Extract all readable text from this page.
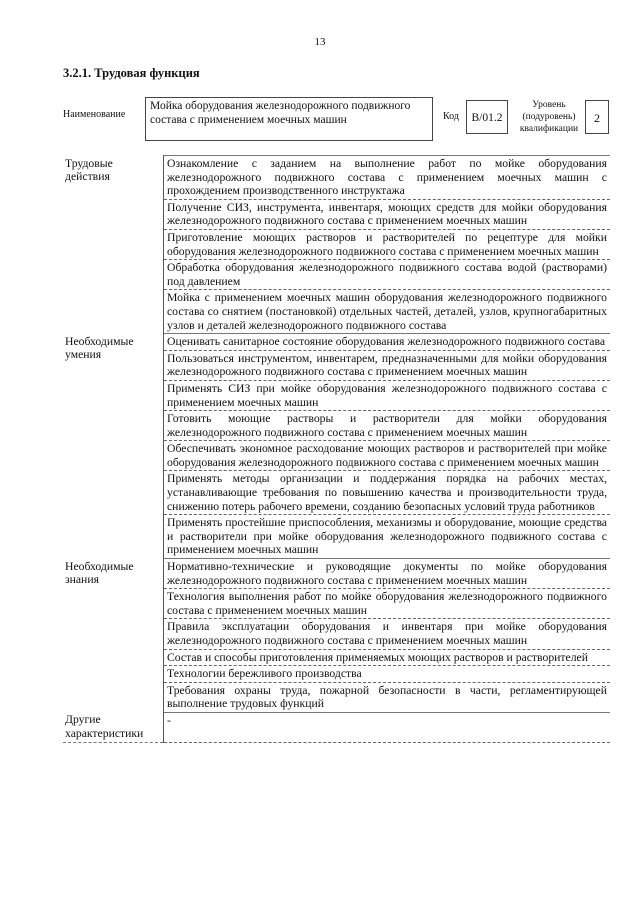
13
3.2.1. Трудовая функция
Наименование
Мойка оборудования железнодорожного подвижного состава с применением моечных машин	Код	B/01.2
Уровень (подуровень) квалификации
2
Трудовые действия	Ознакомление с заданием на выполнение работ по мойке оборудования железнодорожного подвижного состава с применением моечных машин с прохождением производственного инструктажа
	Получение СИЗ, инструмента, инвентаря, моющих средств для мойки оборудования железнодорожного подвижного состава с применением моечных машин
	Приготовление моющих растворов и растворителей по рецептуре для мойки оборудования железнодорожного подвижного состава с применением моечных машин
	Обработка оборудования железнодорожного подвижного состава водой (растворами) под давлением
	Мойка с применением моечных машин оборудования железнодорожного подвижного состава со снятием (постановкой) отдельных частей, деталей, узлов, крупногабаритных узлов и деталей железнодорожного подвижного состава
Необходимые умения	Оценивать санитарное состояние оборудования железнодорожного подвижного состава
	Пользоваться инструментом, инвентарем, предназначенными для мойки оборудования железнодорожного подвижного состава с применением моечных машин
	Применять СИЗ при мойке оборудования железнодорожного подвижного состава с применением моечных машин
	Готовить моющие растворы и растворители для мойки оборудования железнодорожного подвижного состава с применением моечных машин
	Обеспечивать экономное расходование моющих растворов и растворителей при мойке оборудования железнодорожного подвижного состава с применением моечных машин
	Применять методы организации и поддержания порядка на рабочих местах, устанавливающие требования по повышению качества и производительности труда, снижению потерь рабочего времени, созданию безопасных условий труда работников
	Применять простейшие приспособления, механизмы и оборудование, моющие средства и растворители при мойке оборудования железнодорожного подвижного состава с применением моечных машин
Необходимые знания	Нормативно-технические и руководящие документы по мойке оборудования железнодорожного подвижного состава с применением моечных машин
	Технология выполнения работ по мойке оборудования железнодорожного подвижного состава с применением моечных машин
	Правила эксплуатации оборудования и инвентаря при мойке оборудования железнодорожного подвижного состава с применением моечных машин
	Состав и способы приготовления применяемых моющих растворов и растворителей
	Технологии бережливого производства
	Требования охраны труда, пожарной безопасности в части, регламентирующей выполнение трудовых функций
Другие характеристики	-
